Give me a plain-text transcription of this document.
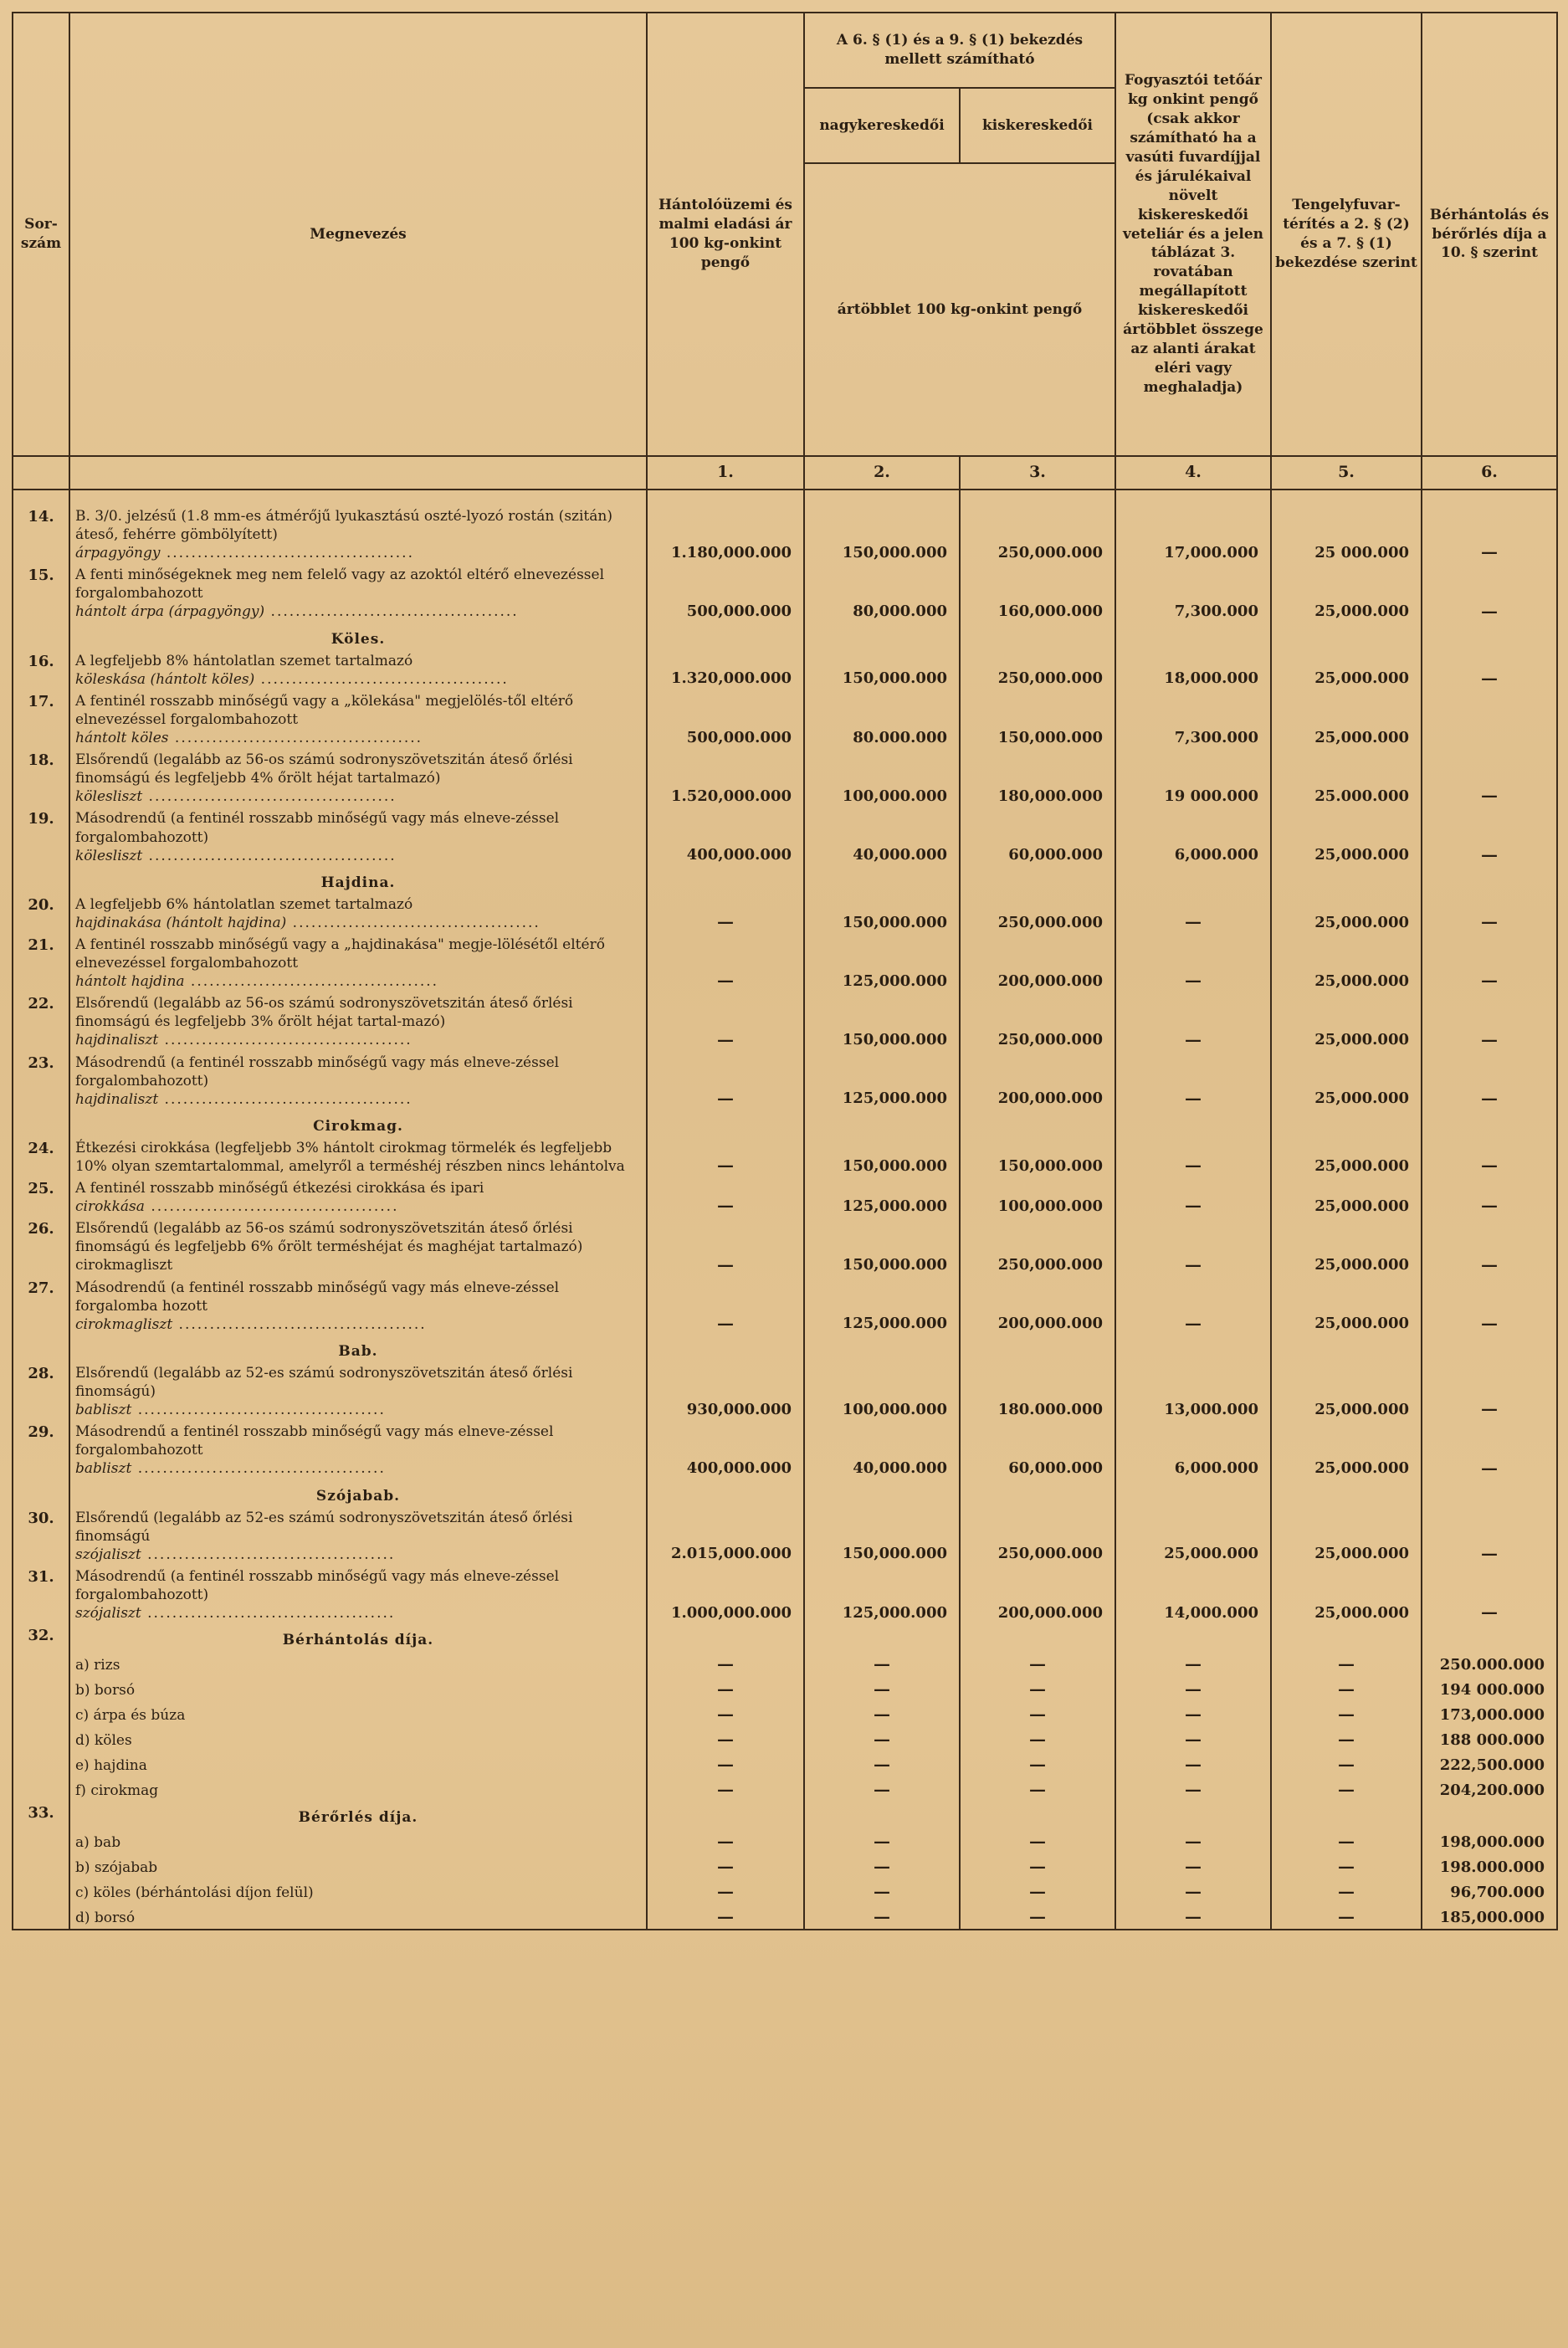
Sor-szám	Megnevezés	Hántolóüzemi és malmi eladási ár 100 kg-onkint pengő	A 6. § (1) és a 9. § (1) bekezdés mellett számítható		Fogyasztói tetőár kg onkint pengő (csak akkor számítható ha a vasúti fuvardíjjal és járulékaival növelt kiskereskedői veteliár és a jelen táblázat 3. rovatában megállapított kiskereskedői ártöbblet összege az alanti árakat eléri vagy meghaladja)	Tengelyfuvar-térítés a 2. § (2) és a 7. § (1) bekezdése szerint	Bérhántolás és bérőrlés díja a 10. § szerint
			nagykereskedői	kiskereskedői			
			ártöbblet 100 kg-onkint pengő				
		1.	2.	3.	4.	5.	6.
14.	B. 3/0. jelzésű (1.8 mm-es átmérőjű lyukasztású oszté-lyozó rostán (szitán) áteső, fehérre gömbölyített)
árpagyöngy ........................................	1.180,000.000	150,000.000	250,000.000	17,000.000	25 000.000	—
15.	A fenti minőségeknek meg nem felelő vagy az azoktól eltérő elnevezéssel forgalombahozott
hántolt árpa (árpagyöngy) ........................................	500,000.000	80,000.000	160,000.000	7,300.000	25,000.000	—
	Köles.						
16.	A legfeljebb 8% hántolatlan szemet tartalmazó
köleskása (hántolt köles) ........................................	1.320,000.000	150,000.000	250,000.000	18,000.000	25,000.000	—
17.	A fentinél rosszabb minőségű vagy a „kölekása" megjelölés-től eltérő elnevezéssel forgalombahozott
hántolt köles ........................................	500,000.000	80.000.000	150,000.000	7,300.000	25,000.000	
18.	Elsőrendű (legalább az 56-os számú sodronyszövetszitán áteső őrlési finomságú és legfeljebb 4% őrölt héjat tartalmazó)
kölesliszt ........................................	1.520,000.000	100,000.000	180,000.000	19 000.000	25.000.000	—
19.	Másodrendű (a fentinél rosszabb minőségű vagy más elneve-zéssel forgalombahozott)
kölesliszt ........................................	400,000.000	40,000.000	60,000.000	6,000.000	25,000.000	—
	Hajdina.						
20.	A legfeljebb 6% hántolatlan szemet tartalmazó
hajdinakása (hántolt hajdina) ........................................	—	150,000.000	250,000.000	—	25,000.000	—
21.	A fentinél rosszabb minőségű vagy a „hajdinakása" megje-lölésétől eltérő elnevezéssel forgalombahozott
hántolt hajdina ........................................	—	125,000.000	200,000.000	—	25,000.000	—
22.	Elsőrendű (legalább az 56-os számú sodronyszövetszitán áteső őrlési finomságú és legfeljebb 3% őrölt héjat tartal-mazó)
hajdinaliszt ........................................	—	150,000.000	250,000.000	—	25,000.000	—
23.	Másodrendű (a fentinél rosszabb minőségű vagy más elneve-zéssel forgalombahozott)
hajdinaliszt ........................................	—	125,000.000	200,000.000	—	25,000.000	—
	Cirokmag.						
24.	Étkezési cirokkása (legfeljebb 3% hántolt cirokmag törmelék és legfeljebb 10% olyan szemtartalommal, amelyről a terméshéj részben nincs lehántolva	—	150,000.000	150,000.000	—	25,000.000	—
25.	A fentinél rosszabb minőségű étkezési cirokkása és ipari
cirokkása ........................................	—	125,000.000	100,000.000	—	25,000.000	—
26.	Elsőrendű (legalább az 56-os számú sodronyszövetszitán áteső őrlési finomságú és legfeljebb 6% őrölt terméshéjat és maghéjat tartalmazó) cirokmagliszt	—	150,000.000	250,000.000	—	25,000.000	—
27.	Másodrendű (a fentinél rosszabb minőségű vagy más elneve-zéssel forgalomba hozott
cirokmagliszt ........................................	—	125,000.000	200,000.000	—	25,000.000	—
	Bab.						
28.	Elsőrendű (legalább az 52-es számú sodronyszövetszitán áteső őrlési finomságú)
babliszt ........................................	930,000.000	100,000.000	180.000.000	13,000.000	25,000.000	—
29.	Másodrendű a fentinél rosszabb minőségű vagy más elneve-zéssel forgalombahozott
babliszt ........................................	400,000.000	40,000.000	60,000.000	6,000.000	25,000.000	—
	Szójabab.						
30.	Elsőrendű (legalább az 52-es számú sodronyszövetszitán áteső őrlési finomságú
szójaliszt ........................................	2.015,000.000	150,000.000	250,000.000	25,000.000	25,000.000	—
31.	Másodrendű (a fentinél rosszabb minőségű vagy más elneve-zéssel forgalombahozott)
szójaliszt ........................................	1.000,000.000	125,000.000	200,000.000	14,000.000	25,000.000	—
32.	Bérhántolás díja.						
	a) rizs	—	—	—	—	—	250.000.000
	b) borsó	—	—	—	—	—	194 000.000
	c) árpa és búza	—	—	—	—	—	173,000.000
	d) köles	—	—	—	—	—	188 000.000
	e) hajdina	—	—	—	—	—	222,500.000
	f) cirokmag	—	—	—	—	—	204,200.000
33.	Bérőrlés díja.						
	a) bab	—	—	—	—	—	198,000.000
	b) szójabab	—	—	—	—	—	198.000.000
	c) köles (bérhántolási díjon felül)	—	—	—	—	—	96,700.000
	d) borsó	—	—	—	—	—	185,000.000
